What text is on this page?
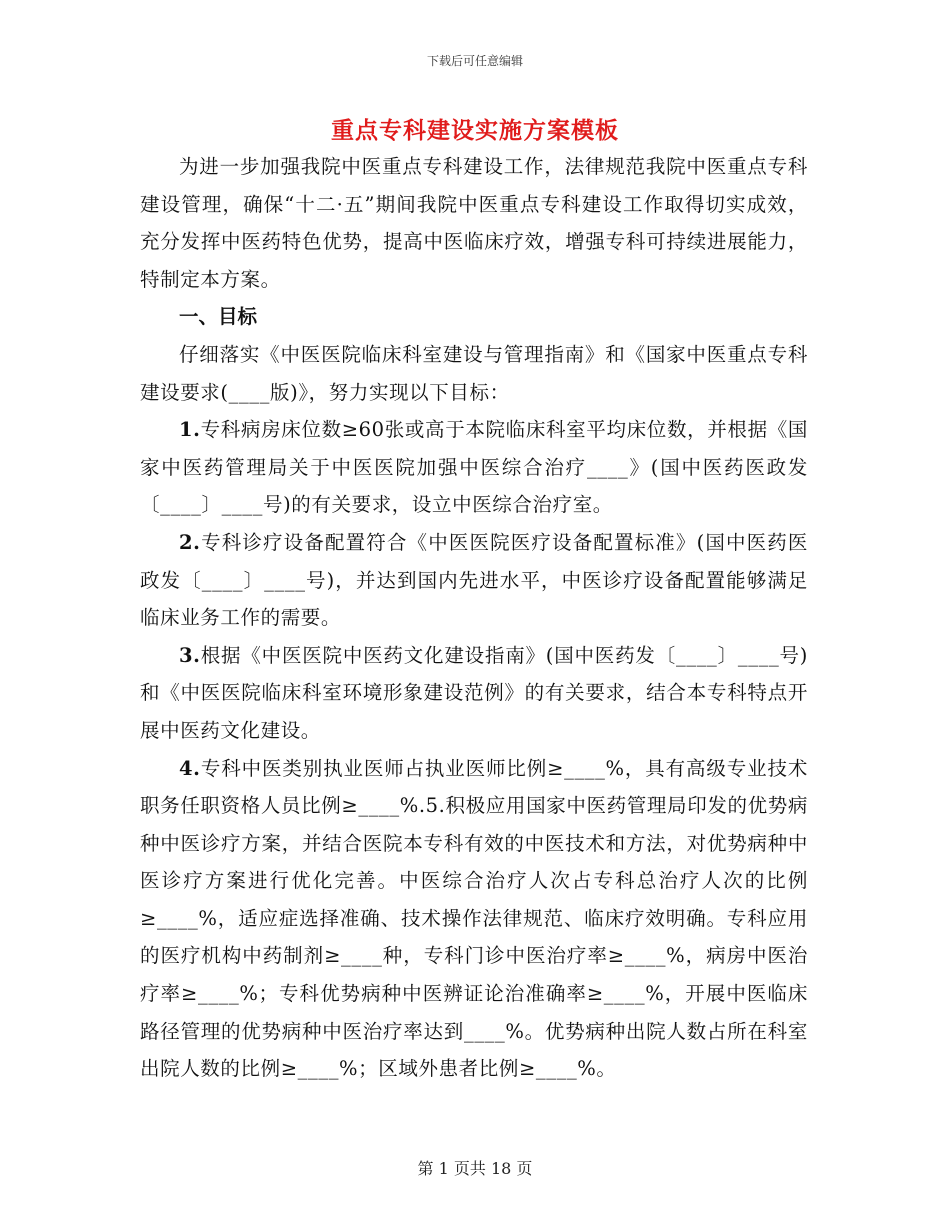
下载后可任意编辑
重点专科建设实施方案模板

为进一步加强我院中医重点专科建设工作，法律规范我院中医重点专科建设管理，确保“十二·五”期间我院中医重点专科建设工作取得切实成效，充分发挥中医药特色优势，提高中医临床疗效，增强专科可持续进展能力，特制定本方案。

一、目标

仔细落实《中医医院临床科室建设与管理指南》和《国家中医重点专科建设要求(____版)》，努力实现以下目标：

1.专科病房床位数≥60张或高于本院临床科室平均床位数，并根据《国家中医药管理局关于中医医院加强中医综合治疗____》(国中医药医政发〔____〕____号)的有关要求，设立中医综合治疗室。

2.专科诊疗设备配置符合《中医医院医疗设备配置标准》(国中医药医政发〔____〕____号)，并达到国内先进水平，中医诊疗设备配置能够满足临床业务工作的需要。

3.根据《中医医院中医药文化建设指南》(国中医药发〔____〕____号)和《中医医院临床科室环境形象建设范例》的有关要求，结合本专科特点开展中医药文化建设。

4.专科中医类别执业医师占执业医师比例≥____%，具有高级专业技术职务任职资格人员比例≥____%.5.积极应用国家中医药管理局印发的优势病种中医诊疗方案，并结合医院本专科有效的中医技术和方法，对优势病种中医诊疗方案进行优化完善。中医综合治疗人次占专科总治疗人次的比例≥____%，适应症选择准确、技术操作法律规范、临床疗效明确。专科应用的医疗机构中药制剂≥____种，专科门诊中医治疗率≥____%，病房中医治疗率≥____%；专科优势病种中医辨证论治准确率≥____%，开展中医临床路径管理的优势病种中医治疗率达到____%。优势病种出院人数占所在科室出院人数的比例≥____%；区域外患者比例≥____%。

第 1 页共 18 页
